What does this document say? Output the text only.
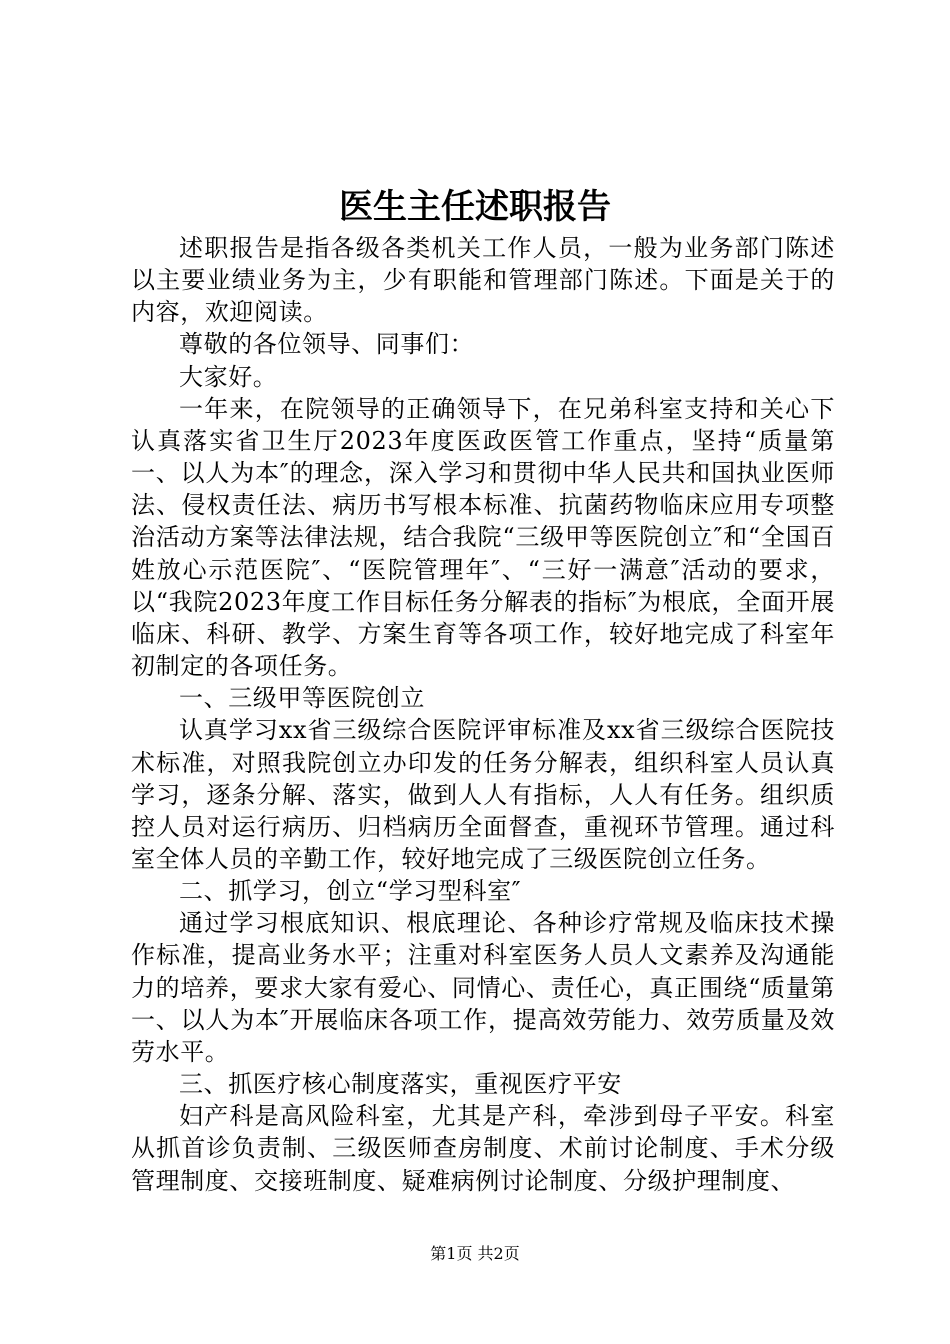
医生主任述职报告

述职报告是指各级各类机关工作人员，一般为业务部门陈述以主要业绩业务为主，少有职能和管理部门陈述。下面是关于的内容，欢迎阅读。

尊敬的各位领导、同事们：

大家好。

一年来，在院领导的正确领导下，在兄弟科室支持和关心下认真落实省卫生厅2023年度医政医管工作重点，坚持“质量第一、以人为本″的理念，深入学习和贯彻中华人民共和国执业医师法、侵权责任法、病历书写根本标准、抗菌药物临床应用专项整治活动方案等法律法规，结合我院“三级甲等医院创立″和“全国百姓放心示范医院″、“医院管理年″、“三好一满意″活动的要求，以“我院2023年度工作目标任务分解表的指标″为根底，全面开展临床、科研、教学、方案生育等各项工作，较好地完成了科室年初制定的各项任务。

一、三级甲等医院创立

认真学习xx省三级综合医院评审标准及xx省三级综合医院技术标准，对照我院创立办印发的任务分解表，组织科室人员认真学习，逐条分解、落实，做到人人有指标，人人有任务。组织质控人员对运行病历、归档病历全面督查，重视环节管理。通过科室全体人员的辛勤工作，较好地完成了三级医院创立任务。

二、抓学习，创立“学习型科室″

通过学习根底知识、根底理论、各种诊疗常规及临床技术操作标准，提高业务水平；注重对科室医务人员人文素养及沟通能力的培养，要求大家有爱心、同情心、责任心，真正围绕“质量第一、以人为本″开展临床各项工作，提高效劳能力、效劳质量及效劳水平。

三、抓医疗核心制度落实，重视医疗平安

妇产科是高风险科室，尤其是产科，牵涉到母子平安。科室从抓首诊负责制、三级医师查房制度、术前讨论制度、手术分级管理制度、交接班制度、疑难病例讨论制度、分级护理制度、

第1页 共2页
